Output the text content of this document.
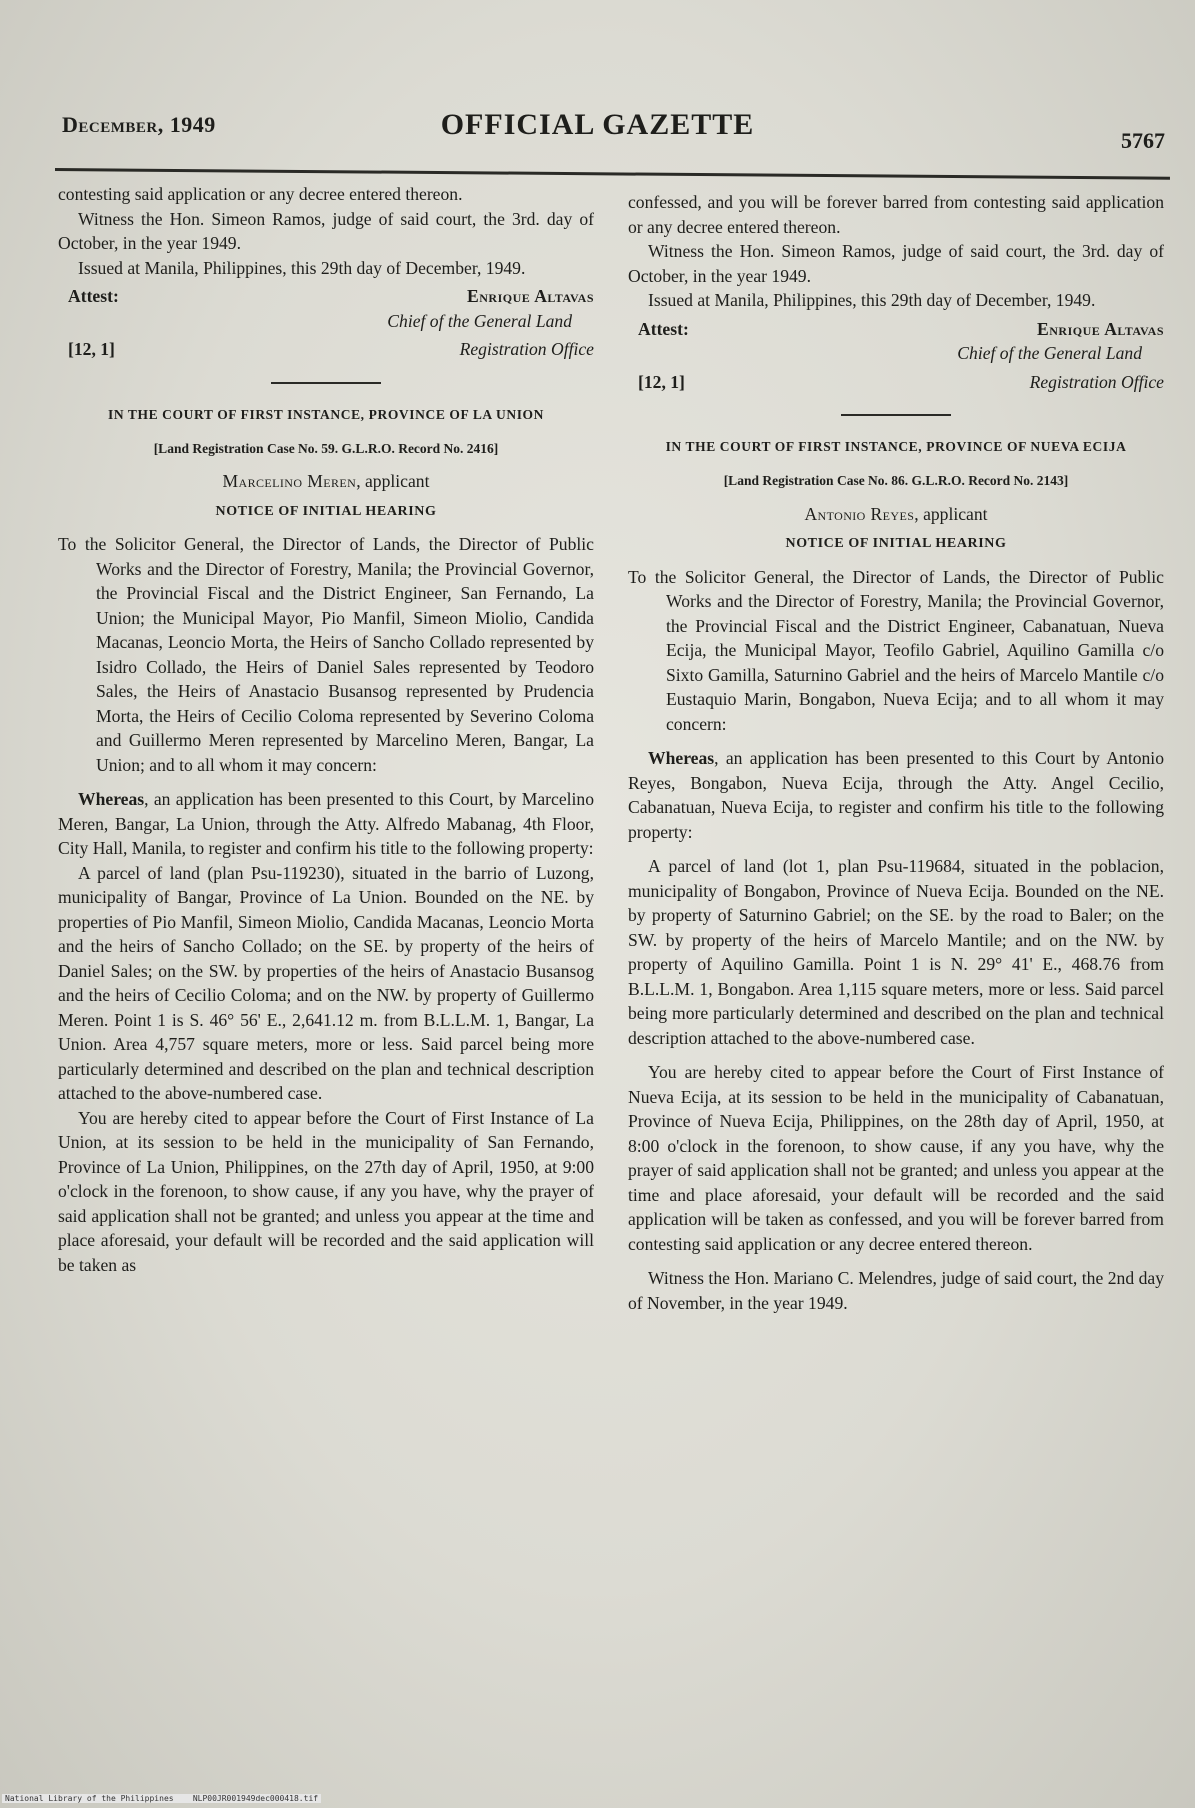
December, 1949	OFFICIAL GAZETTE	5767

contesting said application or any decree entered thereon.

Witness the Hon. Simeon Ramos, judge of said court, the 3rd. day of October, in the year 1949.

Issued at Manila, Philippines, this 29th day of December, 1949.

Attest:	Enrique Altavas
Chief of the General Land
[12, 1]	Registration Office
IN THE COURT OF FIRST INSTANCE, PROVINCE OF LA UNION
[Land Registration Case No. 59. G.L.R.O. Record No. 2416]
Marcelino Meren, applicant
NOTICE OF INITIAL HEARING

To the Solicitor General, the Director of Lands, the Director of Public Works and the Director of Forestry, Manila; the Provincial Governor, the Provincial Fiscal and the District Engineer, San Fernando, La Union; the Municipal Mayor, Pio Manfil, Simeon Miolio, Candida Macanas, Leoncio Morta, the Heirs of Sancho Collado represented by Isidro Collado, the Heirs of Daniel Sales represented by Teodoro Sales, the Heirs of Anastacio Busansog represented by Prudencia Morta, the Heirs of Cecilio Coloma represented by Severino Coloma and Guillermo Meren represented by Marcelino Meren, Bangar, La Union; and to all whom it may concern:

Whereas, an application has been presented to this Court, by Marcelino Meren, Bangar, La Union, through the Atty. Alfredo Mabanag, 4th Floor, City Hall, Manila, to register and confirm his title to the following property:

A parcel of land (plan Psu-119230), situated in the barrio of Luzong, municipality of Bangar, Province of La Union. Bounded on the NE. by properties of Pio Manfil, Simeon Miolio, Candida Macanas, Leoncio Morta and the heirs of Sancho Collado; on the SE. by property of the heirs of Daniel Sales; on the SW. by properties of the heirs of Anastacio Busansog and the heirs of Cecilio Coloma; and on the NW. by property of Guillermo Meren. Point 1 is S. 46° 56' E., 2,641.12 m. from B.L.L.M. 1, Bangar, La Union. Area 4,757 square meters, more or less. Said parcel being more particularly determined and described on the plan and technical description attached to the above-numbered case.

You are hereby cited to appear before the Court of First Instance of La Union, at its session to be held in the municipality of San Fernando, Province of La Union, Philippines, on the 27th day of April, 1950, at 9:00 o'clock in the forenoon, to show cause, if any you have, why the prayer of said application shall not be granted; and unless you appear at the time and place aforesaid, your default will be recorded and the said application will be taken as

confessed, and you will be forever barred from contesting said application or any decree entered thereon.

Witness the Hon. Simeon Ramos, judge of said court, the 3rd. day of October, in the year 1949.

Issued at Manila, Philippines, this 29th day of December, 1949.

Attest:	Enrique Altavas
Chief of the General Land
[12, 1]	Registration Office
IN THE COURT OF FIRST INSTANCE, PROVINCE OF NUEVA ECIJA
[Land Registration Case No. 86. G.L.R.O. Record No. 2143]
Antonio Reyes, applicant
NOTICE OF INITIAL HEARING

To the Solicitor General, the Director of Lands, the Director of Public Works and the Director of Forestry, Manila; the Provincial Governor, the Provincial Fiscal and the District Engineer, Cabanatuan, Nueva Ecija, the Municipal Mayor, Teofilo Gabriel, Aquilino Gamilla c/o Sixto Gamilla, Saturnino Gabriel and the heirs of Marcelo Mantile c/o Eustaquio Marin, Bongabon, Nueva Ecija; and to all whom it may concern:

Whereas, an application has been presented to this Court by Antonio Reyes, Bongabon, Nueva Ecija, through the Atty. Angel Cecilio, Cabanatuan, Nueva Ecija, to register and confirm his title to the following property:

A parcel of land (lot 1, plan Psu-119684, situated in the poblacion, municipality of Bongabon, Province of Nueva Ecija. Bounded on the NE. by property of Saturnino Gabriel; on the SE. by the road to Baler; on the SW. by property of the heirs of Marcelo Mantile; and on the NW. by property of Aquilino Gamilla. Point 1 is N. 29° 41' E., 468.76 from B.L.L.M. 1, Bongabon. Area 1,115 square meters, more or less. Said parcel being more particularly determined and described on the plan and technical description attached to the above-numbered case.

You are hereby cited to appear before the Court of First Instance of Nueva Ecija, at its session to be held in the municipality of Cabanatuan, Province of Nueva Ecija, Philippines, on the 28th day of April, 1950, at 8:00 o'clock in the forenoon, to show cause, if any you have, why the prayer of said application shall not be granted; and unless you appear at the time and place aforesaid, your default will be recorded and the said application will be taken as confessed, and you will be forever barred from contesting said application or any decree entered thereon.

Witness the Hon. Mariano C. Melendres, judge of said court, the 2nd day of November, in the year 1949.

National Library of the Philippines NLP00JR001949dec000418.tif
